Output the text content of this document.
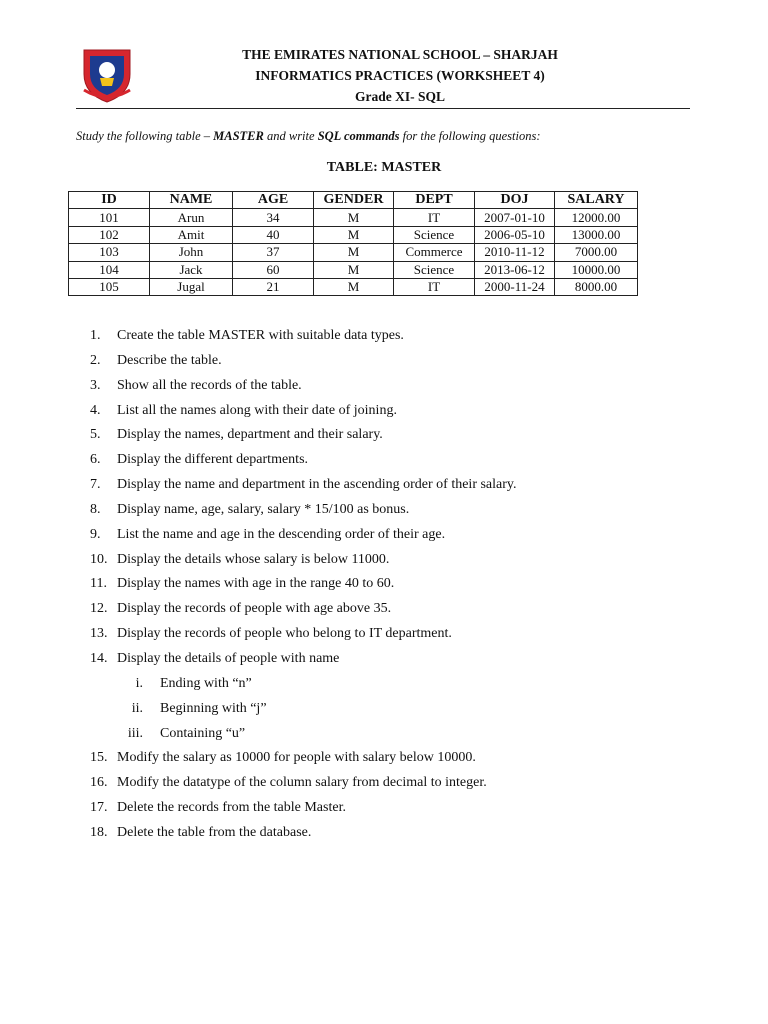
THE EMIRATES NATIONAL SCHOOL – SHARJAH
INFORMATICS PRACTICES (WORKSHEET 4)
Grade XI- SQL
Study the following table – MASTER and write SQL commands for the following questions:
TABLE: MASTER
ID	NAME	AGE	GENDER	DEPT	DOJ	SALARY
101	Arun	34	M	IT	2007-01-10	12000.00
102	Amit	40	M	Science	2006-05-10	13000.00
103	John	37	M	Commerce	2010-11-12	7000.00
104	Jack	60	M	Science	2013-06-12	10000.00
105	Jugal	21	M	IT	2000-11-24	8000.00
1.	Create the table MASTER with suitable data types.
2.	Describe the table.
3.	Show all the records of the table.
4.	List all the names along with their date of joining.
5.	Display the names, department and their salary.
6.	Display the different departments.
7.	Display the name and department in the ascending order of their salary.
8.	Display name, age, salary, salary * 15/100 as bonus.
9.	List the name and age in the descending order of their age.
10. Display the details whose salary is below 11000.
11. Display the names with age in the range 40 to 60.
12. Display the records of people with age above 35.
13. Display the records of people who belong to IT department.
14. Display the details of people with name
i.	Ending with “n”
ii.	Beginning with “j”
iii.	Containing “u”
15. Modify the salary as 10000 for people with salary below 10000.
16. Modify the datatype of the column salary from decimal to integer.
17. Delete the records from the table Master.
18. Delete the table from the database.
